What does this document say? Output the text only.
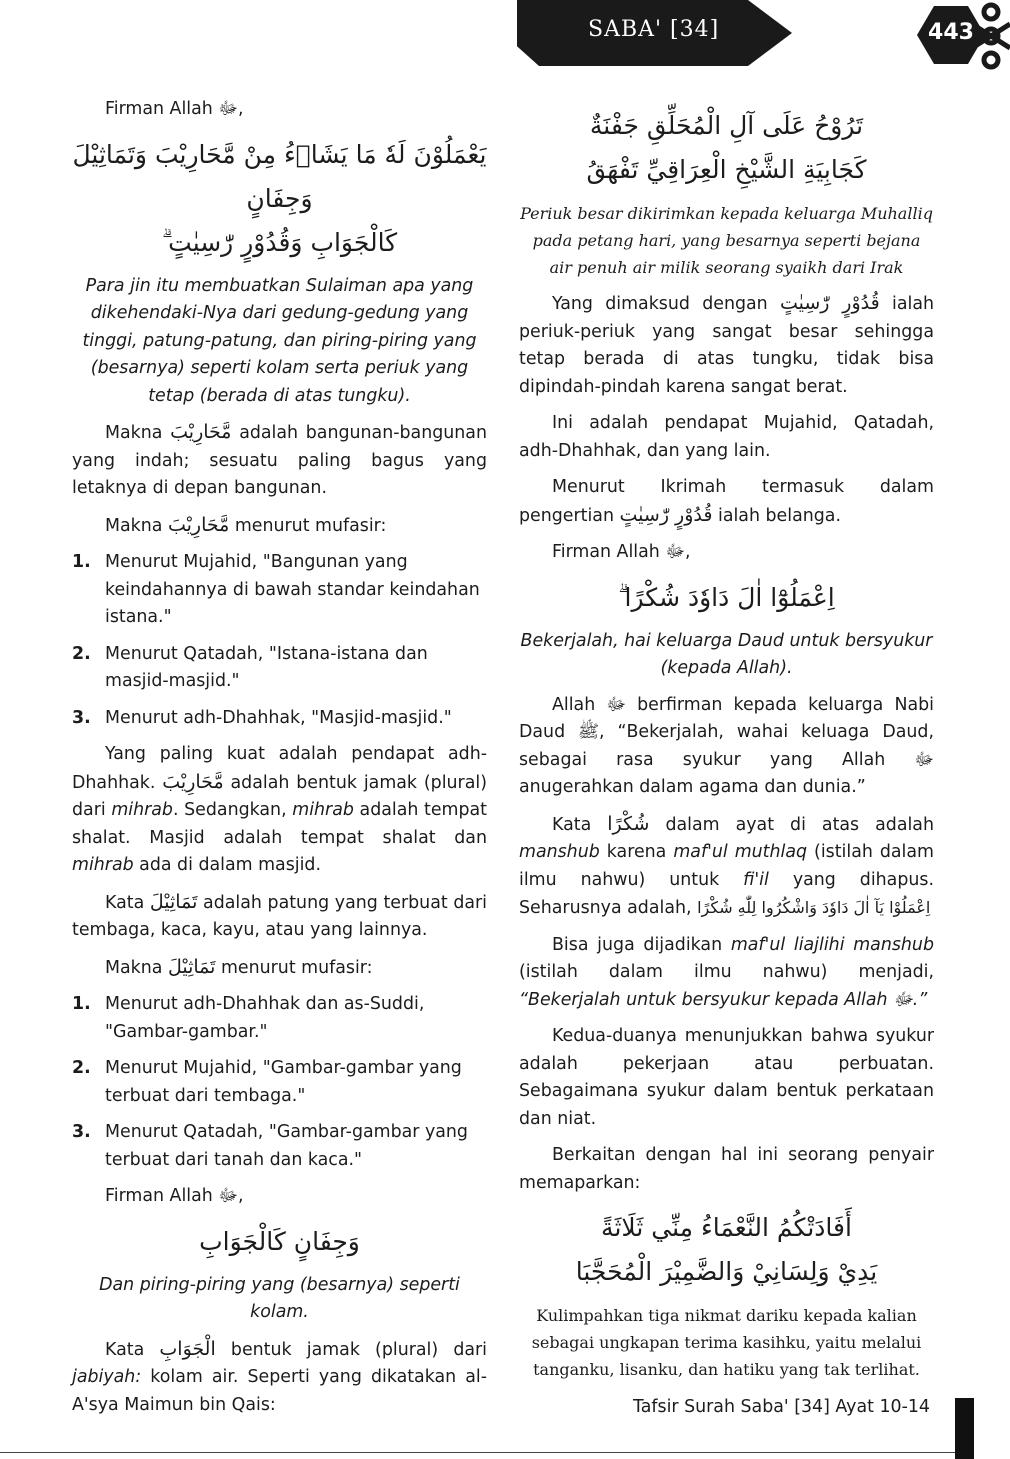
SABA' [34]	443

Firman Allah ﷻ,

يَعْمَلُوْنَ لَهٗ مَا يَشَاۤءُ مِنْ مَّحَارِيْبَ وَتَمَاثِيْلَ وَجِفَانٍ
كَالْجَوَابِ وَقُدُوْرٍ رّٰسِيٰتٍ ۗ

Para jin itu membuatkan Sulaiman apa yang dikehendaki-Nya dari gedung-gedung yang tinggi, patung-patung, dan piring-piring yang (besarnya) seperti kolam serta periuk yang tetap (berada di atas tungku).

Makna مَّحَارِيْبَ adalah bangunan-bangunan yang indah; sesuatu paling bagus yang letaknya di depan bangunan.

Makna مَّحَارِيْبَ menurut mufasir:

1. Menurut Mujahid, "Bangunan yang keindahannya di bawah standar keindahan istana."
2. Menurut Qatadah, "Istana-istana dan masjid-masjid."
3. Menurut adh-Dhahhak, "Masjid-masjid."

Yang paling kuat adalah pendapat adh-Dhahhak. مَّحَارِيْبَ adalah bentuk jamak (plural) dari mihrab. Sedangkan, mihrab adalah tempat shalat. Masjid adalah tempat shalat dan mihrab ada di dalam masjid.

Kata تَمَاثِيْلَ adalah patung yang terbuat dari tembaga, kaca, kayu, atau yang lainnya.

Makna تَمَاثِيْلَ menurut mufasir:

1. Menurut adh-Dhahhak dan as-Suddi, "Gambar-gambar."
2. Menurut Mujahid, "Gambar-gambar yang terbuat dari tembaga."
3. Menurut Qatadah, "Gambar-gambar yang terbuat dari tanah dan kaca."

Firman Allah ﷻ,

وَجِفَانٍ كَالْجَوَابِ

Dan piring-piring yang (besarnya) seperti kolam.

Kata الْجَوَابِ bentuk jamak (plural) dari jabiyah: kolam air. Seperti yang dikatakan al-A'sya Maimun bin Qais:

تَرُوْحُ عَلَى آلِ الْمُحَلِّقِ جَفْنَةٌ
كَجَابِيَةِ الشَّيْخِ الْعِرَاقِيِّ تَفْهَقُ

Periuk besar dikirimkan kepada keluarga Muhalliq pada petang hari, yang besarnya seperti bejana air penuh air milik seorang syaikh dari Irak

Yang dimaksud dengan قُدُوْرٍ رّٰسِيٰتٍ ialah periuk-periuk yang sangat besar sehingga tetap berada di atas tungku, tidak bisa dipindah-pindah karena sangat berat.

Ini adalah pendapat Mujahid, Qatadah, adh-Dhahhak, dan yang lain.

Menurut Ikrimah termasuk dalam pengertian قُدُوْرٍ رّٰسِيٰتٍ ialah belanga.

Firman Allah ﷻ,

اِعْمَلُوْٓا اٰلَ دَاوٗدَ شُكْرًا ۗ

Bekerjalah, hai keluarga Daud untuk bersyukur (kepada Allah).

Allah ﷻ berfirman kepada keluarga Nabi Daud ﷺ, “Bekerjalah, wahai keluaga Daud, sebagai rasa syukur yang Allah ﷻ anugerahkan dalam agama dan dunia.”

Kata شُكْرًا dalam ayat di atas adalah manshub karena maf'ul muthlaq (istilah dalam ilmu nahwu) untuk fi'il yang dihapus. Seharusnya adalah, اِعْمَلُوْا يَآ اٰلَ دَاوٗدَ وَاشْكُرُوا لِلّٰهِ شُكْرًا

Bisa juga dijadikan maf'ul liajlihi manshub (istilah dalam ilmu nahwu) menjadi, “Bekerjalah untuk bersyukur kepada Allah ﷻ.”

Kedua-duanya menunjukkan bahwa syukur adalah pekerjaan atau perbuatan. Sebagaimana syukur dalam bentuk perkataan dan niat.

Berkaitan dengan hal ini seorang penyair memaparkan:

أَفَادَتْكُمُ النَّعْمَاءُ مِنِّي ثَلَاثَةً
يَدِيْ وَلِسَانِيْ وَالضَّمِيْرَ الْمُحَجَّبَا

Kulimpahkan tiga nikmat dariku kepada kalian sebagai ungkapan terima kasihku, yaitu melalui tanganku, lisanku, dan hatiku yang tak terlihat.

Tafsir Surah Saba' [34] Ayat 10-14
